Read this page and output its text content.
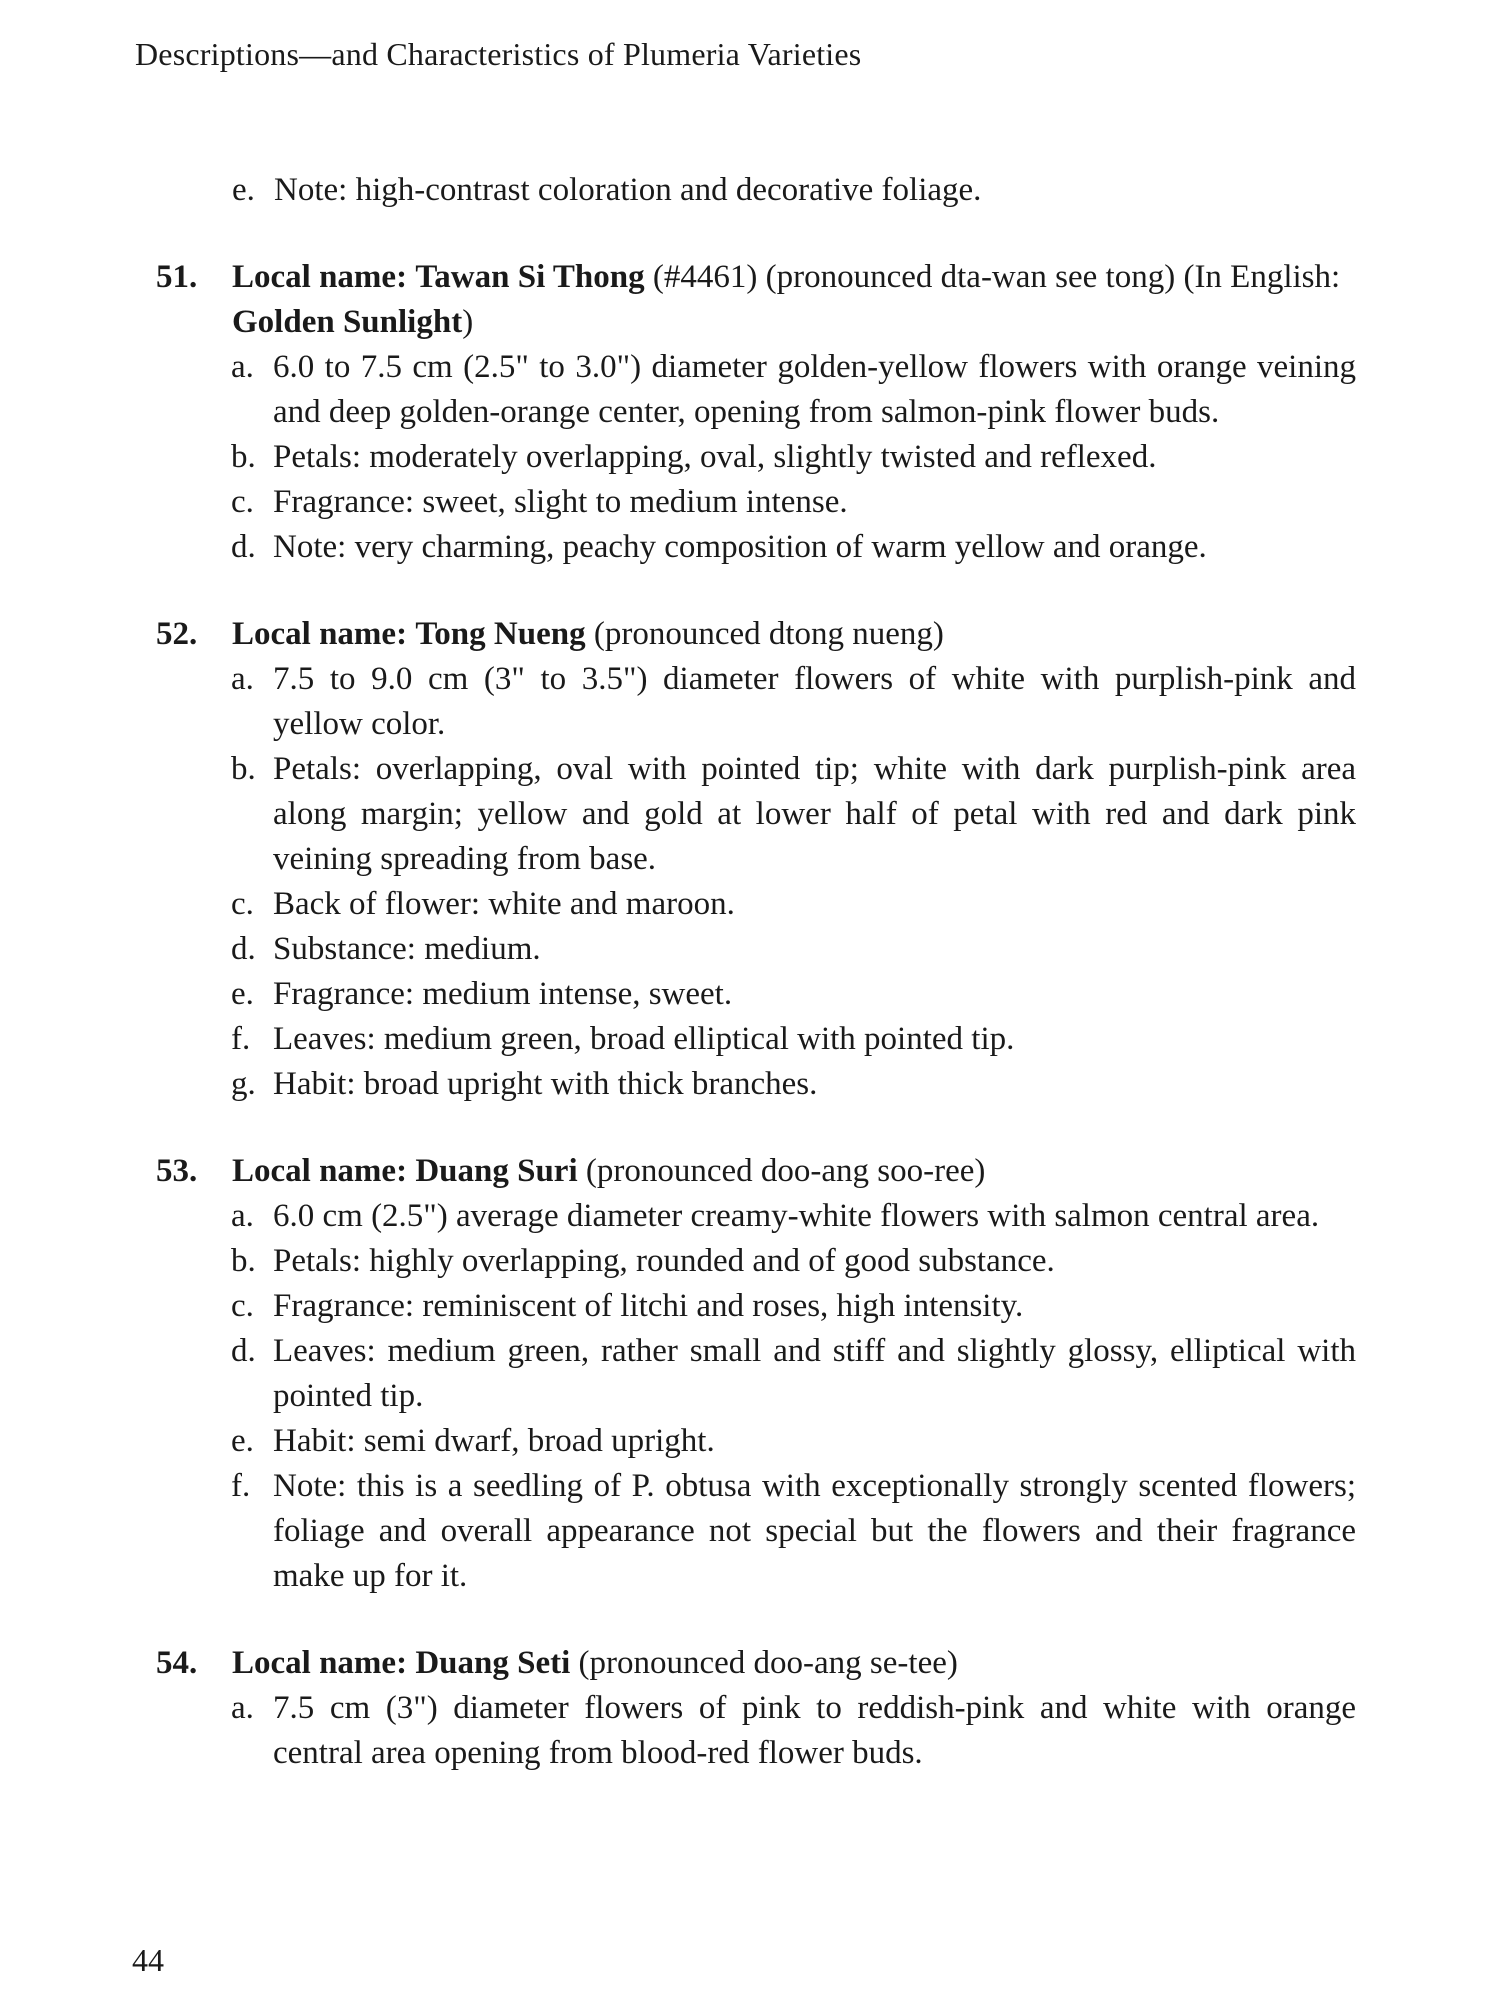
Descriptions—and Characteristics of Plumeria Varieties
e. Note: high-contrast coloration and decorative foliage.
51. Local name: Tawan Si Thong (#4461) (pronounced dta-wan see tong) (In English: Golden Sunlight)
a. 6.0 to 7.5 cm (2.5" to 3.0") diameter golden-yellow flowers with orange veining and deep golden-orange center, opening from salmon-pink flower buds.
b. Petals: moderately overlapping, oval, slightly twisted and reflexed.
c. Fragrance: sweet, slight to medium intense.
d. Note: very charming, peachy composition of warm yellow and orange.
52. Local name: Tong Nueng (pronounced dtong nueng)
a. 7.5 to 9.0 cm (3" to 3.5") diameter flowers of white with purplish-pink and yellow color.
b. Petals: overlapping, oval with pointed tip; white with dark purplish-pink area along margin; yellow and gold at lower half of petal with red and dark pink veining spreading from base.
c. Back of flower: white and maroon.
d. Substance: medium.
e. Fragrance: medium intense, sweet.
f. Leaves: medium green, broad elliptical with pointed tip.
g. Habit: broad upright with thick branches.
53. Local name: Duang Suri (pronounced doo-ang soo-ree)
a. 6.0 cm (2.5") average diameter creamy-white flowers with salmon central area.
b. Petals: highly overlapping, rounded and of good substance.
c. Fragrance: reminiscent of litchi and roses, high intensity.
d. Leaves: medium green, rather small and stiff and slightly glossy, elliptical with pointed tip.
e. Habit: semi dwarf, broad upright.
f. Note: this is a seedling of P. obtusa with exceptionally strongly scented flowers; foliage and overall appearance not special but the flowers and their fragrance make up for it.
54. Local name: Duang Seti (pronounced doo-ang se-tee)
a. 7.5 cm (3") diameter flowers of pink to reddish-pink and white with orange central area opening from blood-red flower buds.
44
